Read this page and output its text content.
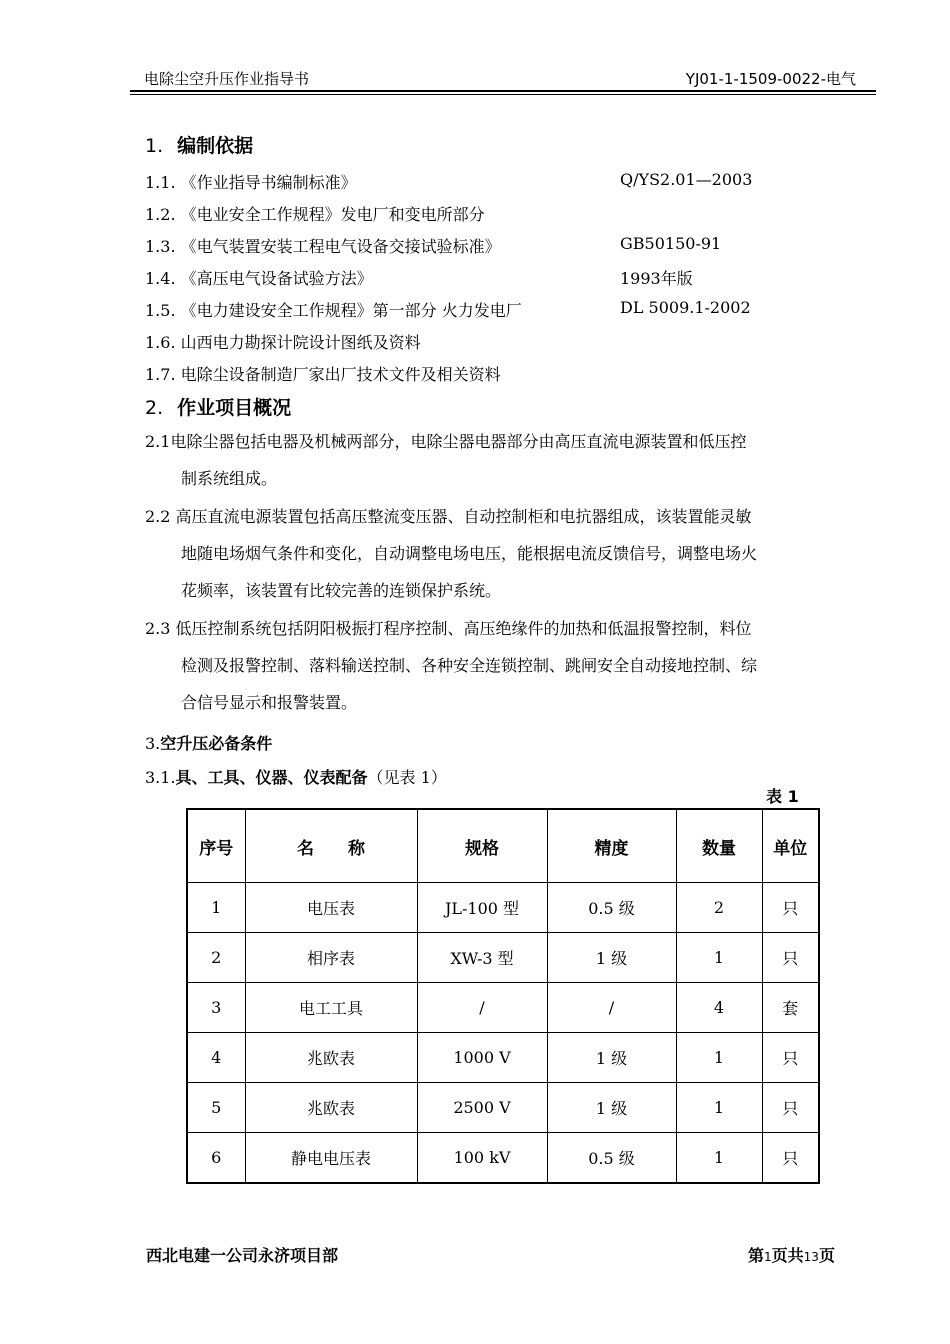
电除尘空升压作业指导书	YJ01-1-1509-0022-电气
1. 编制依据
1.1. 《作业指导书编制标准》	Q/YS2.01—2003
1.2. 《电业安全工作规程》发电厂和变电所部分
1.3. 《电气装置安装工程电气设备交接试验标准》	GB50150-91
1.4. 《高压电气设备试验方法》	1993年版
1.5. 《电力建设安全工作规程》第一部分 火力发电厂	DL 5009.1-2002
1.6. 山西电力勘探计院设计图纸及资料
1.7. 电除尘设备制造厂家出厂技术文件及相关资料
2. 作业项目概况
2.1电除尘器包括电器及机械两部分，电除尘器电器部分由高压直流电源装置和低压控
制系统组成。
2.2 高压直流电源装置包括高压整流变压器、自动控制柜和电抗器组成，该装置能灵敏
地随电场烟气条件和变化，自动调整电场电压，能根据电流反馈信号，调整电场火
花频率，该装置有比较完善的连锁保护系统。
2.3 低压控制系统包括阴阳极振打程序控制、高压绝缘件的加热和低温报警控制，料位
检测及报警控制、落料输送控制、各种安全连锁控制、跳闸安全自动接地控制、综
合信号显示和报警装置。
3.空升压必备条件
3.1.具、工具、仪器、仪表配备（见表 1）
表 1
序号	名　　称	规格	精度	数量	单位
1	电压表	JL-100 型	0.5 级	2	只
2	相序表	XW-3 型	1 级	1	只
3	电工工具	/	/	4	套
4	兆欧表	1000 V	1 级	1	只
5	兆欧表	2500 V	1 级	1	只
6	静电电压表	100 kV	0.5 级	1	只
西北电建一公司永济项目部	第1页共13页
